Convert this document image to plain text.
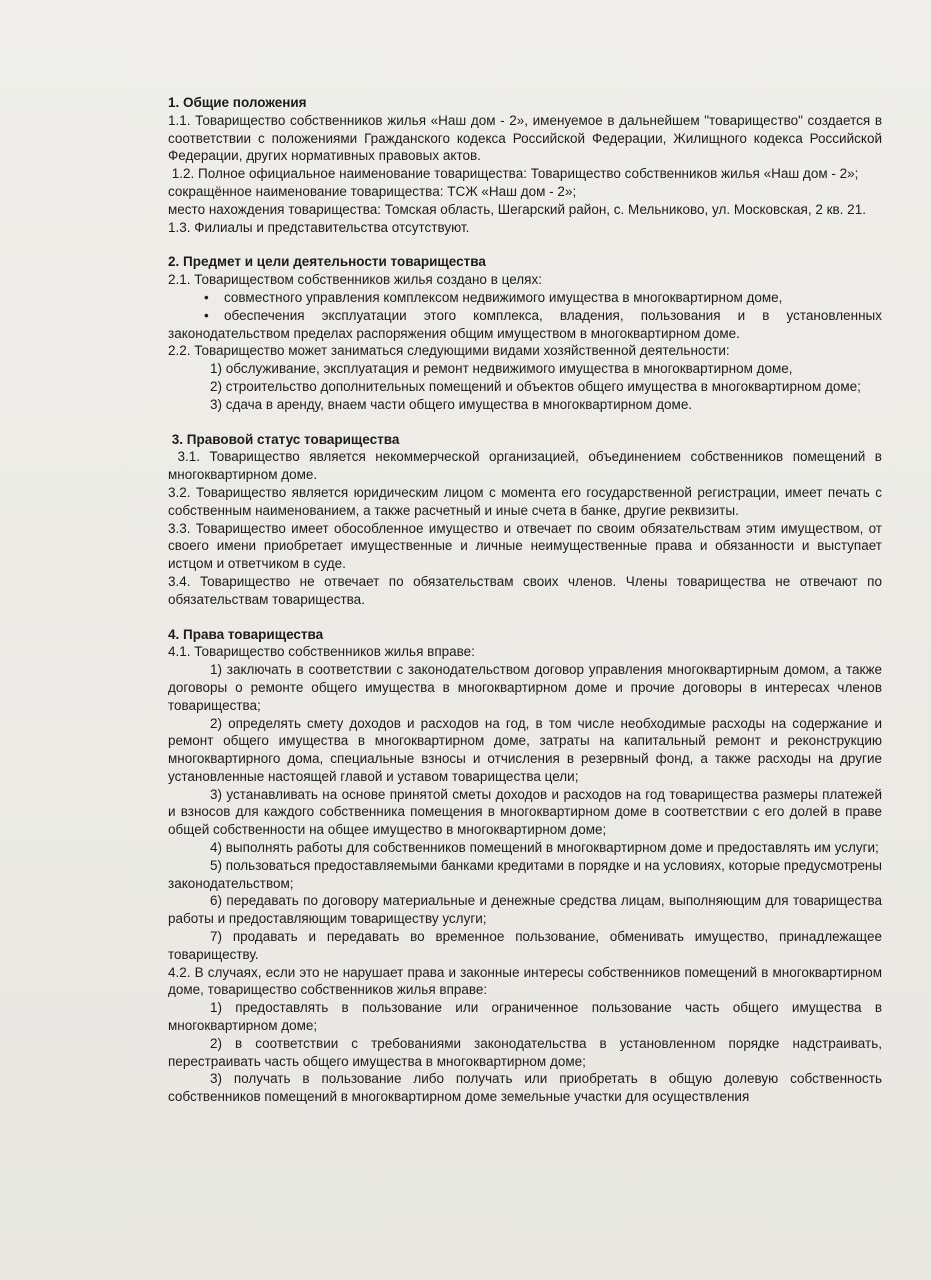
1. Общие положения

1.1. Товарищество собственников жилья «Наш дом - 2», именуемое в дальнейшем "товарищество" создается в соответствии с положениями Гражданского кодекса Российской Федерации, Жилищного кодекса Российской Федерации, других нормативных правовых актов.

1.2. Полное официальное наименование товарищества: Товарищество собственников жилья «Наш дом - 2»;

сокращённое наименование товарищества: ТСЖ «Наш дом - 2»;

место нахождения товарищества: Томская область, Шегарский район, с. Мельниково, ул. Московская, 2 кв. 21.

1.3. Филиалы и представительства отсутствуют.

2. Предмет и цели деятельности товарищества

2.1. Товариществом собственников жилья создано в целях:

• совместного управления комплексом недвижимого имущества в многоквартирном доме,
• обеспечения эксплуатации этого комплекса, владения, пользования и в установленных законодательством пределах распоряжения общим имуществом в многоквартирном доме.

2.2. Товарищество может заниматься следующими видами хозяйственной деятельности:

1) обслуживание, эксплуатация и ремонт недвижимого имущества в многоквартирном доме,

2) строительство дополнительных помещений и объектов общего имущества в многоквартирном доме;

3) сдача в аренду, внаем части общего имущества в многоквартирном доме.

3. Правовой статус товарищества

3.1. Товарищество является некоммерческой организацией, объединением собственников помещений в многоквартирном доме.

3.2. Товарищество является юридическим лицом с момента его государственной регистрации, имеет печать с собственным наименованием, а также расчетный и иные счета в банке, другие реквизиты.

3.3. Товарищество имеет обособленное имущество и отвечает по своим обязательствам этим имуществом, от своего имени приобретает имущественные и личные неимущественные права и обязанности и выступает истцом и ответчиком в суде.

3.4. Товарищество не отвечает по обязательствам своих членов. Члены товарищества не отвечают по обязательствам товарищества.

4. Права товарищества

4.1. Товарищество собственников жилья вправе:

1) заключать в соответствии с законодательством договор управления многоквартирным домом, а также договоры о ремонте общего имущества в многоквартирном доме и прочие договоры в интересах членов товарищества;

2) определять смету доходов и расходов на год, в том числе необходимые расходы на содержание и ремонт общего имущества в многоквартирном доме, затраты на капитальный ремонт и реконструкцию многоквартирного дома, специальные взносы и отчисления в резервный фонд, а также расходы на другие установленные настоящей главой и уставом товарищества цели;

3) устанавливать на основе принятой сметы доходов и расходов на год товарищества размеры платежей и взносов для каждого собственника помещения в многоквартирном доме в соответствии с его долей в праве общей собственности на общее имущество в многоквартирном доме;

4) выполнять работы для собственников помещений в многоквартирном доме и предоставлять им услуги;

5) пользоваться предоставляемыми банками кредитами в порядке и на условиях, которые предусмотрены законодательством;

6) передавать по договору материальные и денежные средства лицам, выполняющим для товарищества работы и предоставляющим товариществу услуги;

7) продавать и передавать во временное пользование, обменивать имущество, принадлежащее товариществу.

4.2. В случаях, если это не нарушает права и законные интересы собственников помещений в многоквартирном доме, товарищество собственников жилья вправе:

1) предоставлять в пользование или ограниченное пользование часть общего имущества в многоквартирном доме;

2) в соответствии с требованиями законодательства в установленном порядке надстраивать, перестраивать часть общего имущества в многоквартирном доме;

3) получать в пользование либо получать или приобретать в общую долевую собственность собственников помещений в многоквартирном доме земельные участки для осуществления
